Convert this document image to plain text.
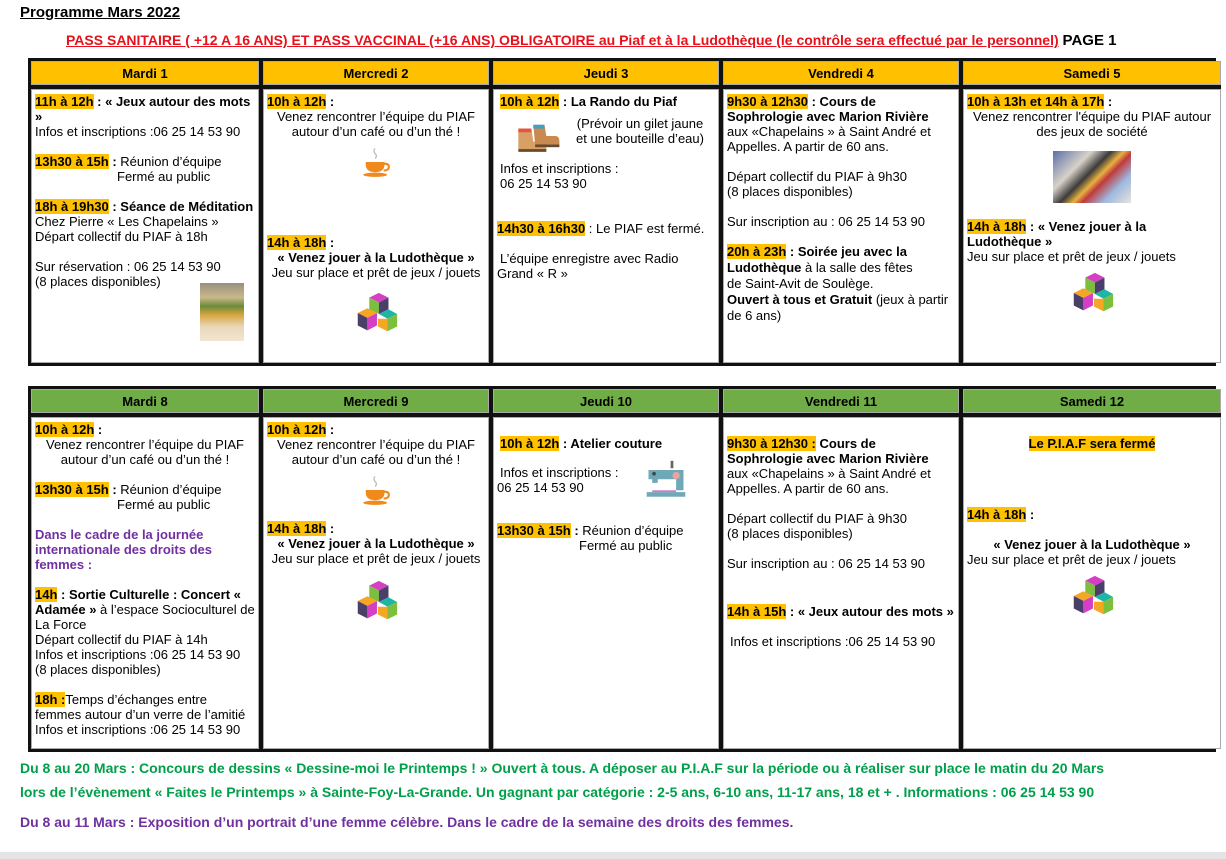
Programme Mars 2022
PASS SANITAIRE ( +12 A 16 ANS) ET PASS VACCINAL (+16 ANS) OBLIGATOIRE au Piaf et à la Ludothèque (le contrôle sera effectué par le personnel) PAGE 1
Mardi 1
11h à 12h : « Jeux autour des mots »
Infos et inscriptions :06 25 14 53 90
13h30 à 15h : Réunion d’équipe
Fermé au public
18h à 19h30 : Séance de Méditation
Chez Pierre « Les Chapelains »
Départ collectif du PIAF à 18h

Sur réservation : 06 25 14 53 90
(8 places disponibles)
Mercredi 2
10h à 12h :
Venez rencontrer l’équipe du PIAF
autour d’un café ou d’un thé !
14h à 18h :
« Venez jouer à la Ludothèque »
Jeu sur place et prêt de jeux / jouets
Jeudi 3
10h à 12h : La Rando du Piaf
(Prévoir un gilet jaune
et une bouteille d’eau)
Infos et inscriptions :
06 25 14 53 90
14h30 à 16h30 : Le PIAF est fermé.
L’équipe enregistre avec Radio
Grand « R »
Vendredi 4
9h30 à 12h30 : Cours de Sophrologie avec Marion Rivière
aux «Chapelains » à Saint André et Appelles. A partir de 60 ans.
Départ collectif du PIAF à 9h30
(8 places disponibles)
Sur inscription au : 06 25 14 53 90
20h à 23h : Soirée jeu avec la Ludothèque à la salle des fêtes
de Saint-Avit de Soulège.
Ouvert à tous et Gratuit (jeux à partir de 6 ans)
Samedi 5
10h à 13h et 14h à 17h :
Venez rencontrer l'équipe du PIAF autour des jeux de société
14h à 18h : « Venez jouer à la Ludothèque »
Jeu sur place et prêt de jeux / jouets
Mardi 8
10h à 12h :
Venez rencontrer l’équipe du PIAF
autour d’un café ou d’un thé !
13h30 à 15h : Réunion d’équipe
Fermé au public
Dans le cadre de la journée internationale des droits des femmes :
14h : Sortie Culturelle : Concert « Adamée » à l’espace Socioculturel de La Force
Départ collectif du PIAF à 14h
Infos et inscriptions :06 25 14 53 90
(8 places disponibles)
18h :Temps d’échanges entre femmes autour d’un verre de l’amitié
Infos et inscriptions :06 25 14 53 90
Mercredi 9
10h à 12h :
Venez rencontrer l’équipe du PIAF
autour d’un café ou d’un thé !
14h à 18h :
« Venez jouer à la Ludothèque »
Jeu sur place et prêt de jeux / jouets
Jeudi 10
10h à 12h : Atelier couture
Infos et inscriptions :
06 25 14 53 90
13h30 à 15h : Réunion d’équipe
Fermé au public
Vendredi 11
9h30 à 12h30 : Cours de Sophrologie avec Marion Rivière
aux «Chapelains » à Saint André et Appelles. A partir de 60 ans.
Départ collectif du PIAF à 9h30
(8 places disponibles)
Sur inscription au : 06 25 14 53 90
14h à 15h : « Jeux autour des mots »
Infos et inscriptions :06 25 14 53 90
Samedi 12
Le P.I.A.F sera fermé
14h à 18h :
« Venez jouer à la Ludothèque »
Jeu sur place et prêt de jeux / jouets
Du 8 au 20 Mars : Concours de dessins « Dessine-moi le Printemps ! » Ouvert à tous. A déposer au P.I.A.F sur la période ou à réaliser sur place le matin du 20 Mars
lors de l’évènement « Faites le Printemps » à Sainte-Foy-La-Grande. Un gagnant par catégorie : 2-5 ans, 6-10 ans, 11-17 ans, 18 et + . Informations : 06 25 14 53 90
Du 8 au 11 Mars : Exposition d’un portrait d’une femme célèbre. Dans le cadre de la semaine des droits des femmes.
